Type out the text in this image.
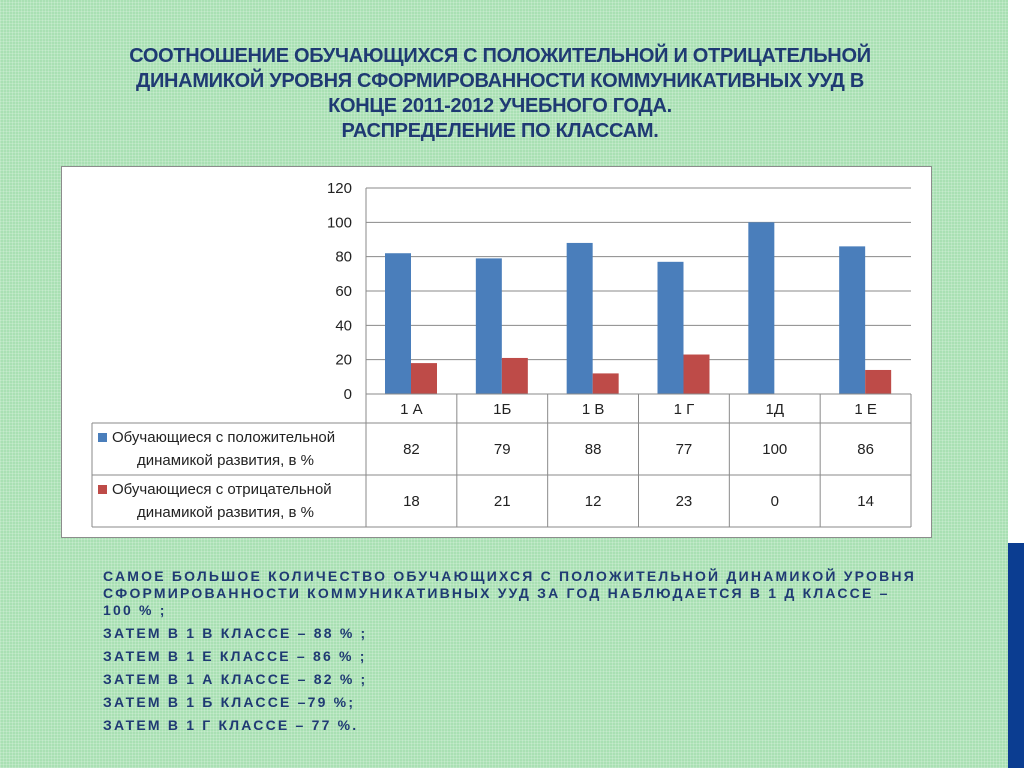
СООТНОШЕНИЕ ОБУЧАЮЩИХСЯ С ПОЛОЖИТЕЛЬНОЙ И ОТРИЦАТЕЛЬНОЙ
ДИНАМИКОЙ УРОВНЯ СФОРМИРОВАННОСТИ КОММУНИКАТИВНЫХ УУД В
КОНЦЕ 2011-2012 УЧЕБНОГО ГОДА.
РАСПРЕДЕЛЕНИЕ ПО КЛАССАМ.
0
20
40
60
80
100
120
1 А	1Б	1 В	1 Г	1Д	1 Е
Обучающиеся с положительной
динамикой развития, в %
82	79	88	77	100	86
Обучающиеся с отрицательной
динамикой развития, в %
18	21	12	23	0	14
САМОЕ БОЛЬШОЕ КОЛИЧЕСТВО ОБУЧАЮЩИХСЯ С ПОЛОЖИТЕЛЬНОЙ ДИНАМИКОЙ УРОВНЯ СФОРМИРОВАННОСТИ КОММУНИКАТИВНЫХ УУД ЗА ГОД НАБЛЮДАЕТСЯ В 1 Д КЛАССЕ – 100 % ;
ЗАТЕМ В 1 В КЛАССЕ – 88 % ;
ЗАТЕМ В 1 Е КЛАССЕ – 86 % ;
ЗАТЕМ В 1 А КЛАССЕ – 82 % ;
ЗАТЕМ В 1 Б КЛАССЕ –79 %;
ЗАТЕМ В 1 Г КЛАССЕ – 77 %.
